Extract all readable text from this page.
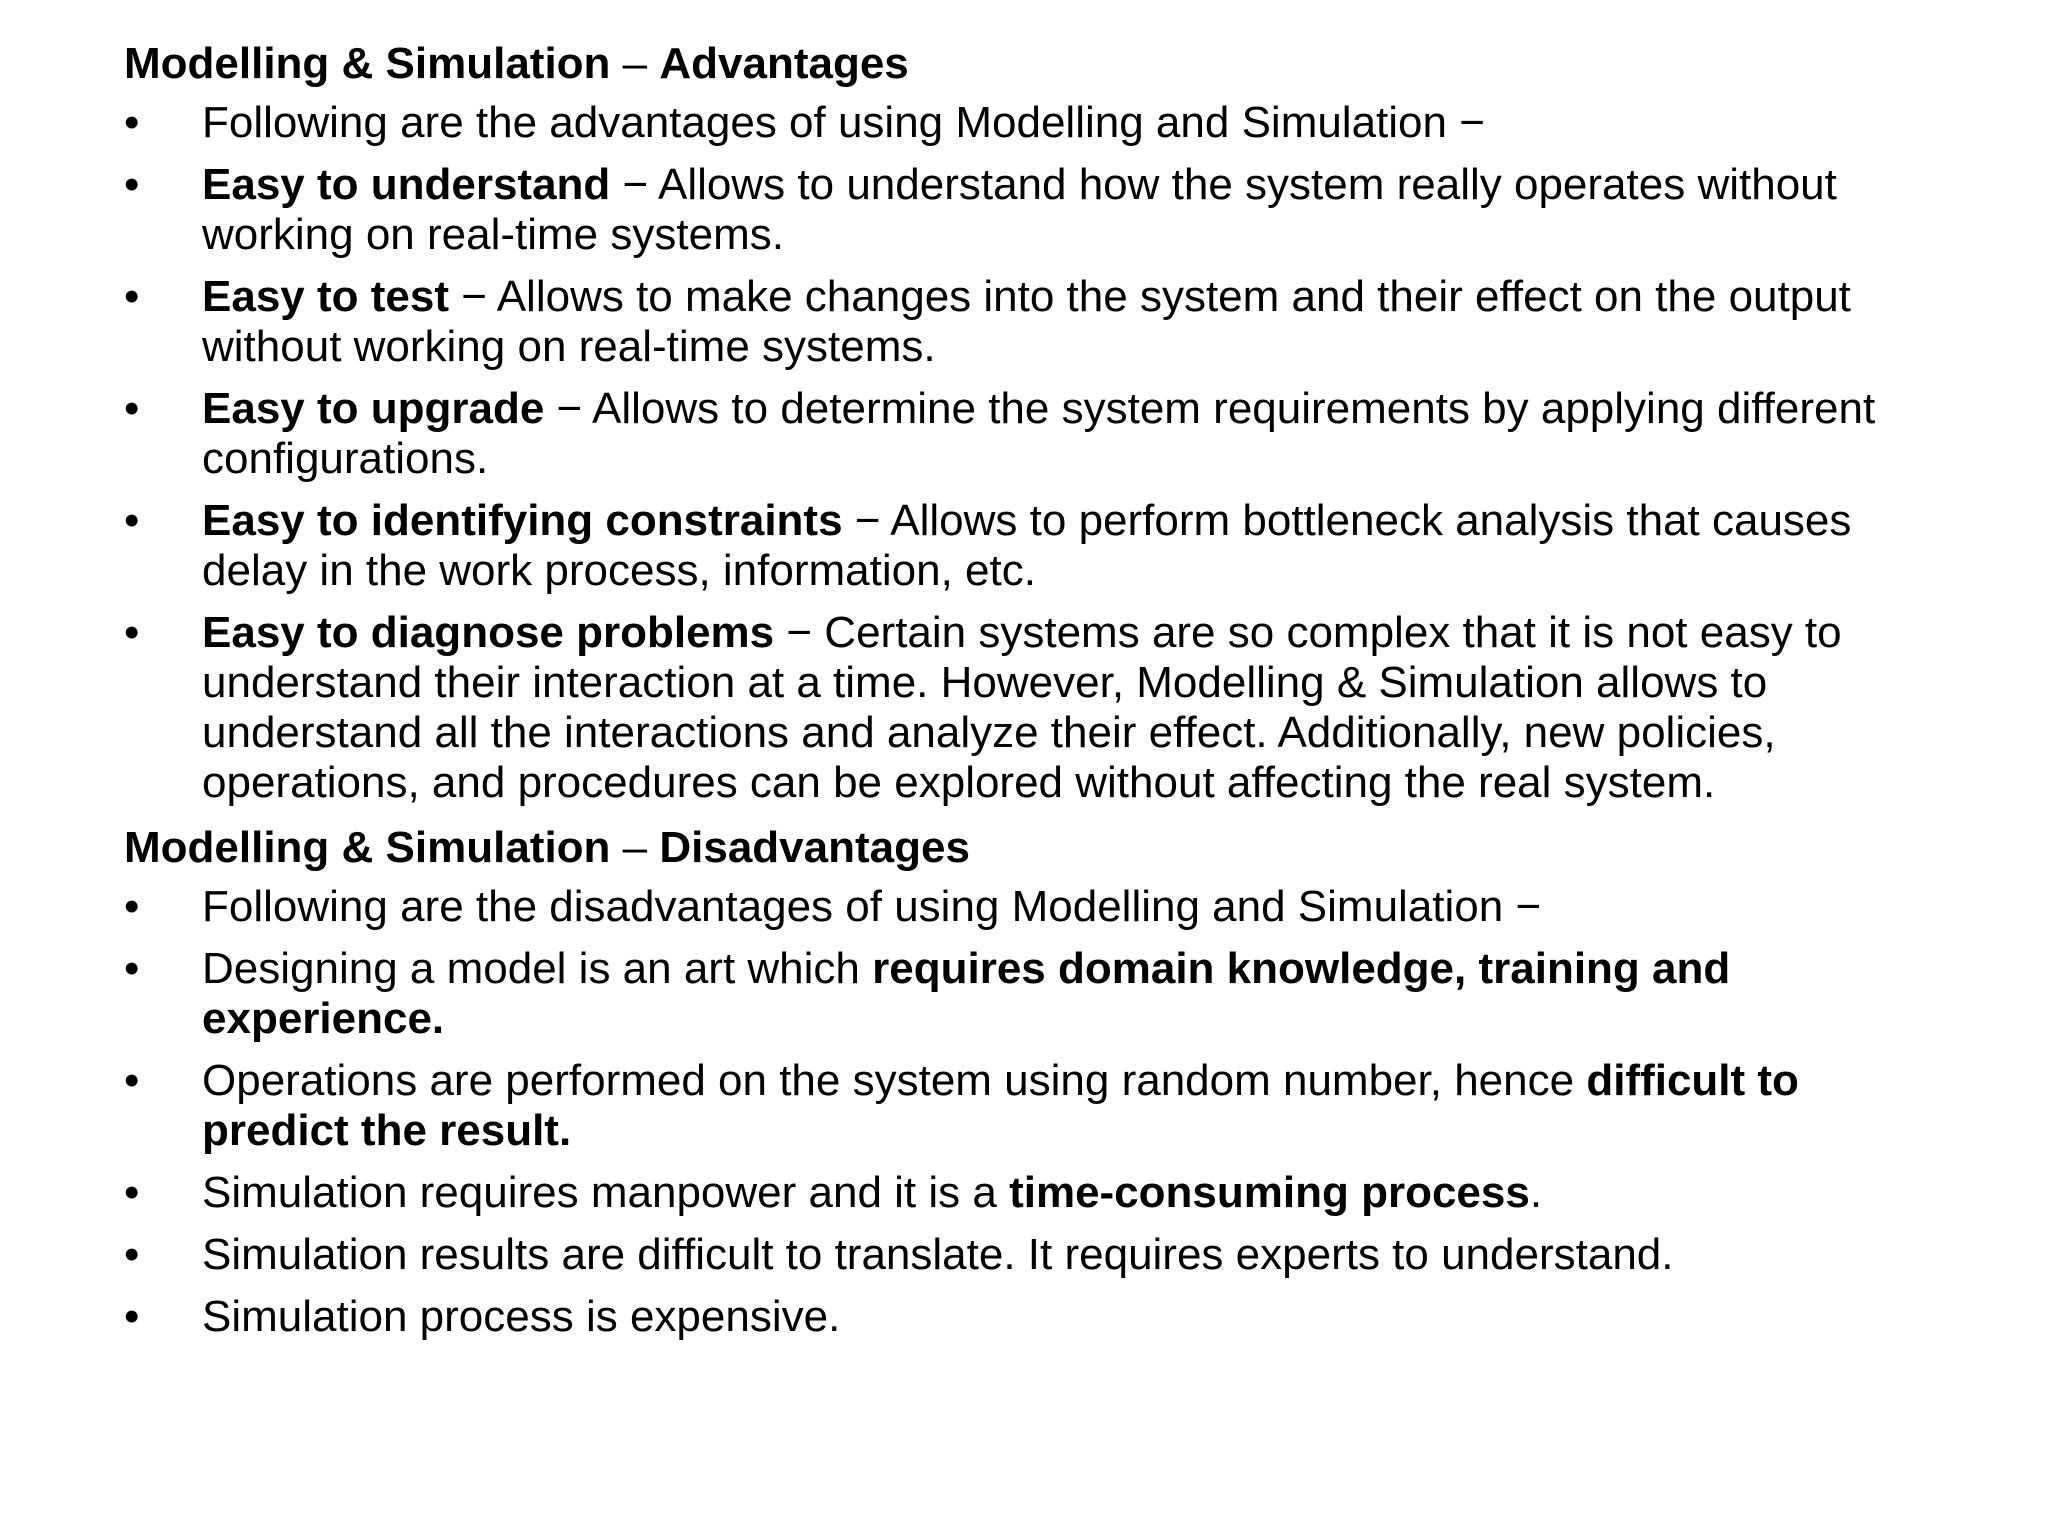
Modelling & Simulation – Advantages
•	Following are the advantages of using Modelling and Simulation −
•	Easy to understand − Allows to understand how the system really operates without working on real-time systems.
•	Easy to test − Allows to make changes into the system and their effect on the output without working on real-time systems.
•	Easy to upgrade − Allows to determine the system requirements by applying different configurations.
•	Easy to identifying constraints − Allows to perform bottleneck analysis that causes delay in the work process, information, etc.
•	Easy to diagnose problems − Certain systems are so complex that it is not easy to understand their interaction at a time. However, Modelling & Simulation allows to understand all the interactions and analyze their effect. Additionally, new policies, operations, and procedures can be explored without affecting the real system.
Modelling & Simulation – Disadvantages
•	Following are the disadvantages of using Modelling and Simulation −
•	Designing a model is an art which requires domain knowledge, training and experience.
•	Operations are performed on the system using random number, hence difficult to predict the result.
•	Simulation requires manpower and it is a time-consuming process.
•	Simulation results are difficult to translate. It requires experts to understand.
•	Simulation process is expensive.
